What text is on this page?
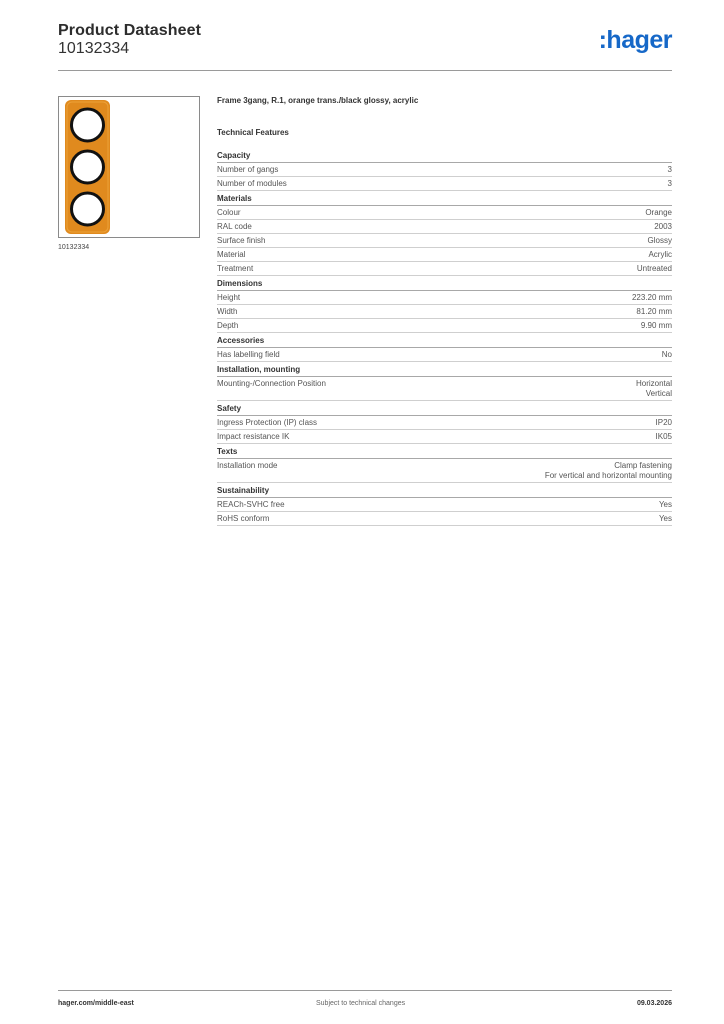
Product Datasheet
10132334	:hager
10132334
Frame 3gang, R.1, orange trans./black glossy, acrylic
Technical Features
Capacity
Number of gangs	3
Number of modules	3
Materials
Colour	Orange
RAL code	2003
Surface finish	Glossy
Material	Acrylic
Treatment	Untreated
Dimensions
Height	223.20 mm
Width	81.20 mm
Depth	9.90 mm
Accessories
Has labelling field	No
Installation, mounting
Mounting-/Connection Position	Horizontal
Vertical
Safety
Ingress Protection (IP) class	IP20
Impact resistance IK	IK05
Texts
Installation mode	Clamp fastening
For vertical and horizontal mounting
Sustainability
REACh-SVHC free	Yes
RoHS conform	Yes
hager.com/middle-east	Subject to technical changes	09.03.2026
